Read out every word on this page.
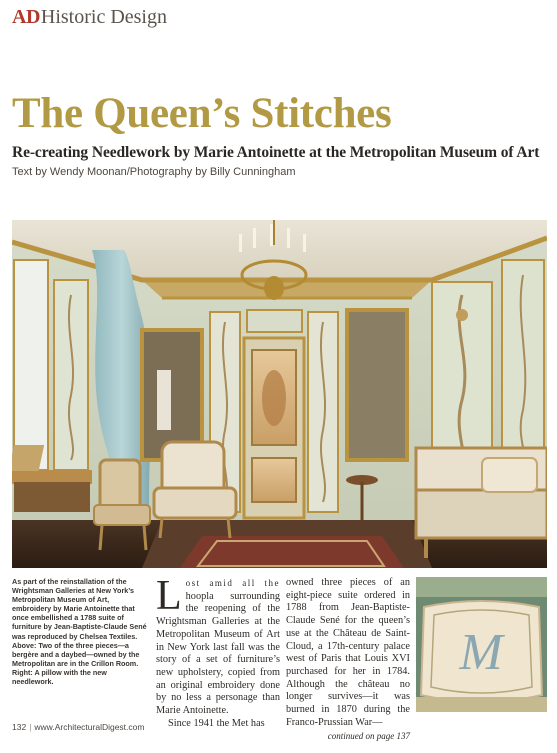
AD Historic Design
The Queen’s Stitches
Re-creating Needlework by Marie Antoinette at the Metropolitan Museum of Art
Text by Wendy Moonan/Photography by Billy Cunningham
As part of the reinstallation of the Wrightsman Galleries at New York’s Metropolitan Museum of Art, embroidery by Marie Antoinette that once embellished a 1788 suite of furniture by Jean-Baptiste-Claude Sené was reproduced by Chelsea Textiles. Above: Two of the three pieces—a bergère and a daybed—owned by the Metropolitan are in the Crillon Room. Right: A pillow with the new needlework.
Lost amid all the hoopla surrounding the reopening of the Wrightsman Galleries at the Metropolitan Museum of Art in New York last fall was the story of a set of furniture’s new upholstery, copied from an original embroidery done by no less a personage than Marie Antoinette.
Since 1941 the Met has
owned three pieces of an eight-piece suite ordered in 1788 from Jean-Baptiste-Claude Sené for the queen’s use at the Château de Saint-Cloud, a 17th-century palace west of Paris that Louis XVI purchased for her in 1784. Although the château no longer survives—it was burned in 1870 during the Franco-Prussian War—
continued on page 137
M
132 | www.ArchitecturalDigest.com
